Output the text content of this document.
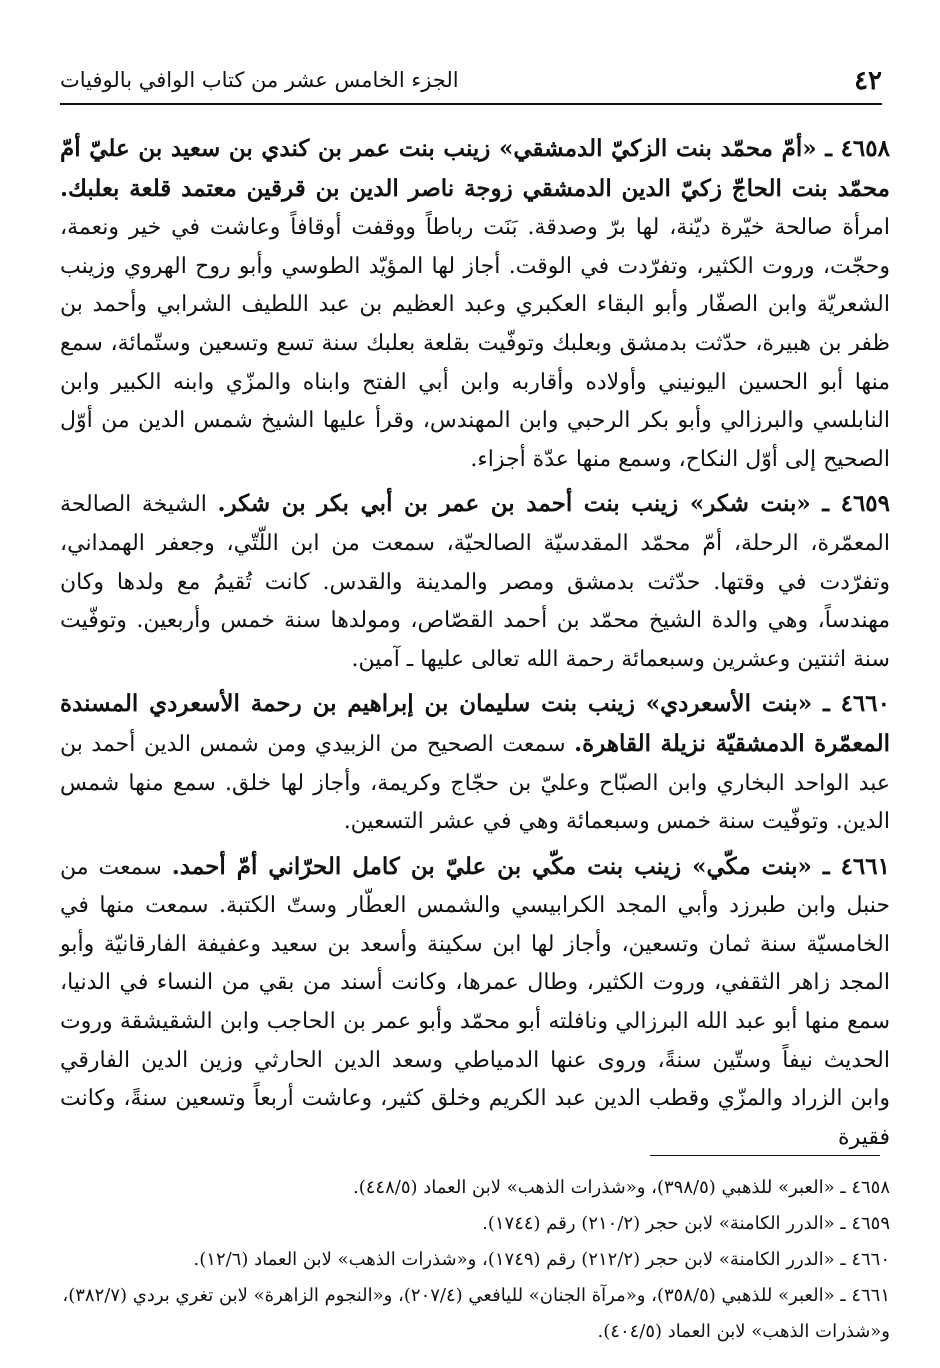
٤٢
الجزء الخامس عشر من كتاب الوافي بالوفيات

٤٦٥٨ ـ «أمّ محمّد بنت الزكيّ الدمشقي» زينب بنت عمر بن كندي بن سعيد بن عليّ أمّ محمّد بنت الحاجّ زكيّ الدين الدمشقي زوجة ناصر الدين بن قرقين معتمد قلعة بعلبك. امرأة صالحة خيّرة ديّنة، لها برّ وصدقة. بَنَت رباطاً ووقفت أوقافاً وعاشت في خير ونعمة، وحجّت، وروت الكثير، وتفرّدت في الوقت. أجاز لها المؤيّد الطوسي وأبو روح الهروي وزينب الشعريّة وابن الصفّار وأبو البقاء العكبري وعبد العظيم بن عبد اللطيف الشرابي وأحمد بن ظفر بن هبيرة، حدّثت بدمشق وبعلبك وتوفّيت بقلعة بعلبك سنة تسع وتسعين وستّمائة، سمع منها أبو الحسين اليونيني وأولاده وأقاربه وابن أبي الفتح وابناه والمزّي وابنه الكبير وابن النابلسي والبرزالي وأبو بكر الرحبي وابن المهندس، وقرأ عليها الشيخ شمس الدين من أوّل الصحيح إلى أوّل النكاح، وسمع منها عدّة أجزاء.

٤٦٥٩ ـ «بنت شكر» زينب بنت أحمد بن عمر بن أبي بكر بن شكر. الشيخة الصالحة المعمّرة، الرحلة، أمّ محمّد المقدسيّة الصالحيّة، سمعت من ابن اللّتّي، وجعفر الهمداني، وتفرّدت في وقتها. حدّثت بدمشق ومصر والمدينة والقدس. كانت تُقيمُ مع ولدها وكان مهندساً، وهي والدة الشيخ محمّد بن أحمد القصّاص، ومولدها سنة خمس وأربعين. وتوفّيت سنة اثنتين وعشرين وسبعمائة رحمة الله تعالى عليها ـ آمين.

٤٦٦٠ ـ «بنت الأسعردي» زينب بنت سليمان بن إبراهيم بن رحمة الأسعردي المسندة المعمّرة الدمشقيّة نزيلة القاهرة. سمعت الصحيح من الزبيدي ومن شمس الدين أحمد بن عبد الواحد البخاري وابن الصبّاح وعليّ بن حجّاج وكريمة، وأجاز لها خلق. سمع منها شمس الدين. وتوفّيت سنة خمس وسبعمائة وهي في عشر التسعين.

٤٦٦١ ـ «بنت مكّي» زينب بنت مكّي بن عليّ بن كامل الحرّاني أمّ أحمد. سمعت من حنبل وابن طبرزد وأبي المجد الكرابيسي والشمس العطّار وستّ الكتبة. سمعت منها في الخامسيّة سنة ثمان وتسعين، وأجاز لها ابن سكينة وأسعد بن سعيد وعفيفة الفارقانيّة وأبو المجد زاهر الثقفي، وروت الكثير، وطال عمرها، وكانت أسند من بقي من النساء في الدنيا، سمع منها أبو عبد الله البرزالي ونافلته أبو محمّد وأبو عمر بن الحاجب وابن الشقيشقة وروت الحديث نيفاً وستّين سنةً، وروى عنها الدمياطي وسعد الدين الحارثي وزين الدين الفارقي وابن الزراد والمزّي وقطب الدين عبد الكريم وخلق كثير، وعاشت أربعاً وتسعين سنةً، وكانت فقيرة

٤٦٥٨ ـ «العبر» للذهبي (٣٩٨/٥)، و«شذرات الذهب» لابن العماد (٤٤٨/٥).

٤٦٥٩ ـ «الدرر الكامنة» لابن حجر (٢١٠/٢) رقم (١٧٤٤).

٤٦٦٠ ـ «الدرر الكامنة» لابن حجر (٢١٢/٢) رقم (١٧٤٩)، و«شذرات الذهب» لابن العماد (١٢/٦).

٤٦٦١ ـ «العبر» للذهبي (٣٥٨/٥)، و«مرآة الجنان» لليافعي (٢٠٧/٤)، و«النجوم الزاهرة» لابن تغري بردي (٣٨٢/٧)، و«شذرات الذهب» لابن العماد (٤٠٤/٥).
